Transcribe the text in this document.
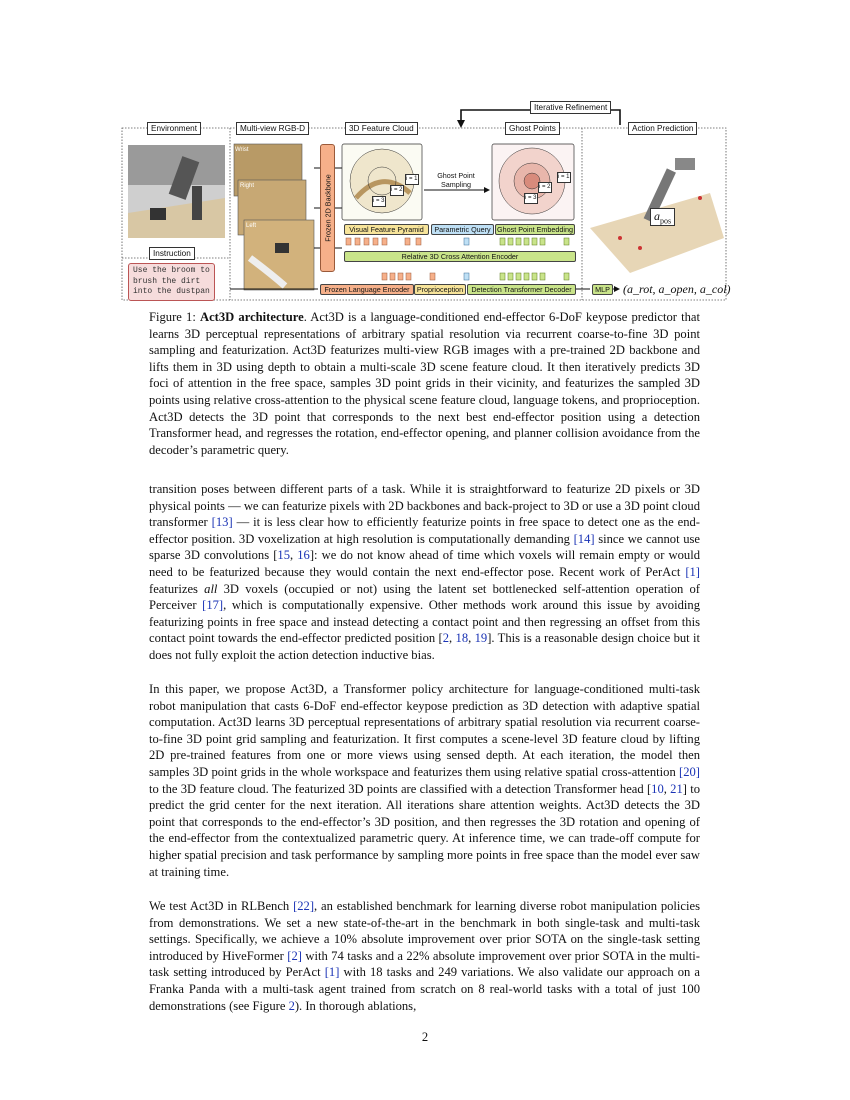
Iterative Refinement
Environment	Multi-view RGB-D	3D Feature Cloud	Ghost Points	Action Prediction
Instruction
Use the broom to
brush the dirt
into the dustpan
Wrist
Right
Left	Frozen 2D Backbone	Ghost Point
Sampling
i = 1
i = 2
i = 3
i = 1
i = 2
i = 3
Visual Feature Pyramid	Parametric Query Ghost Point Embedding
Relative 3D Cross Attention Encoder
Frozen Language Encoder	Proprioception	Detection Transformer Decoder	MLP
$a_{pos}$
(a_rot, a_open, a_col)
Figure 1: Act3D architecture. Act3D is a language-conditioned end-effector 6-DoF keypose predictor that learns 3D perceptual representations of arbitrary spatial resolution via recurrent coarse-to-fine 3D point sampling and featurization. Act3D featurizes multi-view RGB images with a pre-trained 2D backbone and lifts them in 3D using depth to obtain a multi-scale 3D scene feature cloud. It then iteratively predicts 3D foci of attention in the free space, samples 3D point grids in their vicinity, and featurizes the sampled 3D points using relative cross-attention to the physical scene feature cloud, language tokens, and proprioception. Act3D detects the 3D point that corresponds to the next best end-effector position using a detection Transformer head, and regresses the rotation, end-effector opening, and planner collision avoidance from the decoder’s parametric query.

transition poses between different parts of a task. While it is straightforward to featurize 2D pixels or 3D physical points — we can featurize pixels with 2D backbones and back-project to 3D or use a 3D point cloud transformer [13] — it is less clear how to efficiently featurize points in free space to detect one as the end-effector position. 3D voxelization at high resolution is computationally demanding [14] since we cannot use sparse 3D convolutions [15, 16]: we do not know ahead of time which voxels will remain empty or would need to be featurized because they would contain the next end-effector pose. Recent work of PerAct [1] featurizes all 3D voxels (occupied or not) using the latent set bottlenecked self-attention operation of Perceiver [17], which is computationally expensive. Other methods work around this issue by avoiding featurizing points in free space and instead detecting a contact point and then regressing an offset from this contact point towards the end-effector predicted position [2, 18, 19]. This is a reasonable design choice but it does not fully exploit the action detection inductive bias.

In this paper, we propose Act3D, a Transformer policy architecture for language-conditioned multi-task robot manipulation that casts 6-DoF end-effector keypose prediction as 3D detection with adaptive spatial computation. Act3D learns 3D perceptual representations of arbitrary spatial resolution via recurrent coarse-to-fine 3D point grid sampling and featurization. It first computes a scene-level 3D feature cloud by lifting 2D pre-trained features from one or more views using sensed depth. At each iteration, the model then samples 3D point grids in the whole workspace and featurizes them using relative spatial cross-attention [20] to the 3D feature cloud. The featurized 3D points are classified with a detection Transformer head [10, 21] to predict the grid center for the next iteration. All iterations share attention weights. Act3D detects the 3D point that corresponds to the end-effector’s 3D position, and then regresses the 3D rotation and opening of the end-effector from the contextualized parametric query. At inference time, we can trade-off compute for higher spatial precision and task performance by sampling more points in free space than the model ever saw at training time.

We test Act3D in RLBench [22], an established benchmark for learning diverse robot manipulation policies from demonstrations. We set a new state-of-the-art in the benchmark in both single-task and multi-task settings. Specifically, we achieve a 10% absolute improvement over prior SOTA on the single-task setting introduced by HiveFormer [2] with 74 tasks and a 22% absolute improvement over prior SOTA in the multi-task setting introduced by PerAct [1] with 18 tasks and 249 variations. We also validate our approach on a Franka Panda with a multi-task agent trained from scratch on 8 real-world tasks with a total of just 100 demonstrations (see Figure 2). In thorough ablations,

2
